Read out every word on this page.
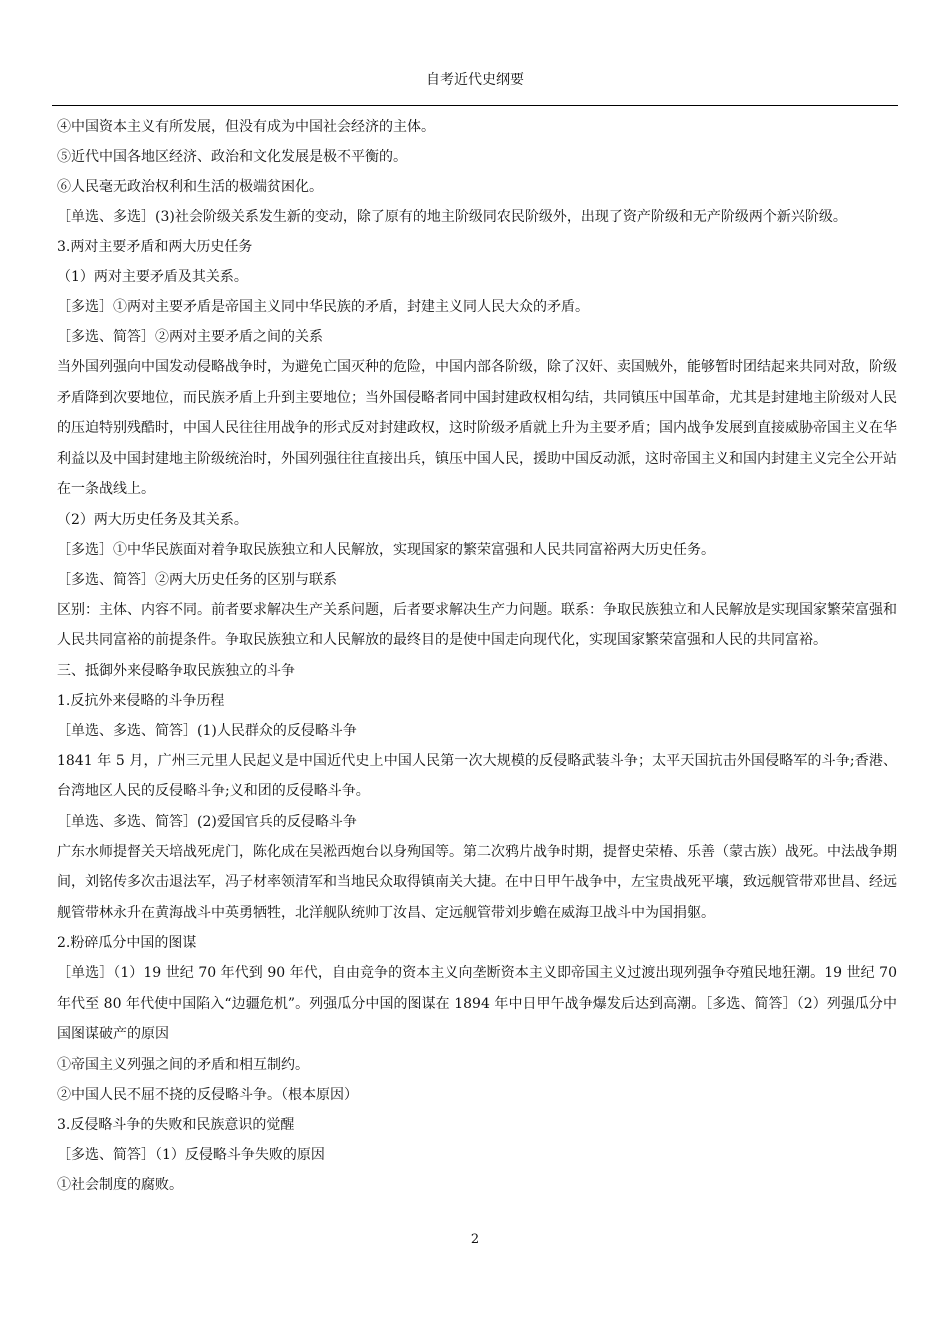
自考近代史纲要

④中国资本主义有所发展，但没有成为中国社会经济的主体。

⑤近代中国各地区经济、政治和文化发展是极不平衡的。

⑥人民毫无政治权利和生活的极端贫困化。

［单选、多选］(3)社会阶级关系发生新的变动，除了原有的地主阶级同农民阶级外，出现了资产阶级和无产阶级两个新兴阶级。

3.两对主要矛盾和两大历史任务

（1）两对主要矛盾及其关系。

［多选］①两对主要矛盾是帝国主义同中华民族的矛盾，封建主义同人民大众的矛盾。

［多选、简答］②两对主要矛盾之间的关系

当外国列强向中国发动侵略战争时，为避免亡国灭种的危险，中国内部各阶级，除了汉奸、卖国贼外，能够暂时团结起来共同对敌，阶级矛盾降到次要地位，而民族矛盾上升到主要地位；当外国侵略者同中国封建政权相勾结，共同镇压中国革命，尤其是封建地主阶级对人民的压迫特别残酷时，中国人民往往用战争的形式反对封建政权，这时阶级矛盾就上升为主要矛盾；国内战争发展到直接威胁帝国主义在华利益以及中国封建地主阶级统治时，外国列强往往直接出兵，镇压中国人民，援助中国反动派，这时帝国主义和国内封建主义完全公开站在一条战线上。

（2）两大历史任务及其关系。

［多选］①中华民族面对着争取民族独立和人民解放，实现国家的繁荣富强和人民共同富裕两大历史任务。

［多选、简答］②两大历史任务的区别与联系

区别：主体、内容不同。前者要求解决生产关系问题，后者要求解决生产力问题。联系：争取民族独立和人民解放是实现国家繁荣富强和人民共同富裕的前提条件。争取民族独立和人民解放的最终目的是使中国走向现代化，实现国家繁荣富强和人民的共同富裕。

三、抵御外来侵略争取民族独立的斗争

1.反抗外来侵略的斗争历程

［单选、多选、简答］(1)人民群众的反侵略斗争

1841 年 5 月，广州三元里人民起义是中国近代史上中国人民第一次大规模的反侵略武装斗争；太平天国抗击外国侵略军的斗争;香港、台湾地区人民的反侵略斗争;义和团的反侵略斗争。

［单选、多选、简答］(2)爱国官兵的反侵略斗争

广东水师提督关天培战死虎门，陈化成在吴淞西炮台以身殉国等。第二次鸦片战争时期，提督史荣椿、乐善（蒙古族）战死。中法战争期间，刘铭传多次击退法军，冯子材率领清军和当地民众取得镇南关大捷。在中日甲午战争中，左宝贵战死平壤，致远舰管带邓世昌、经远舰管带林永升在黄海战斗中英勇牺牲，北洋舰队统帅丁汝昌、定远舰管带刘步蟾在威海卫战斗中为国捐躯。

2.粉碎瓜分中国的图谋

［单选］（1）19 世纪 70 年代到 90 年代，自由竞争的资本主义向垄断资本主义即帝国主义过渡出现列强争夺殖民地狂潮。19 世纪 70 年代至 80 年代使中国陷入“边疆危机”。列强瓜分中国的图谋在 1894 年中日甲午战争爆发后达到高潮。［多选、简答］（2）列强瓜分中国图谋破产的原因

①帝国主义列强之间的矛盾和相互制约。

②中国人民不屈不挠的反侵略斗争。（根本原因）

3.反侵略斗争的失败和民族意识的觉醒

［多选、简答］（1）反侵略斗争失败的原因

①社会制度的腐败。

2
